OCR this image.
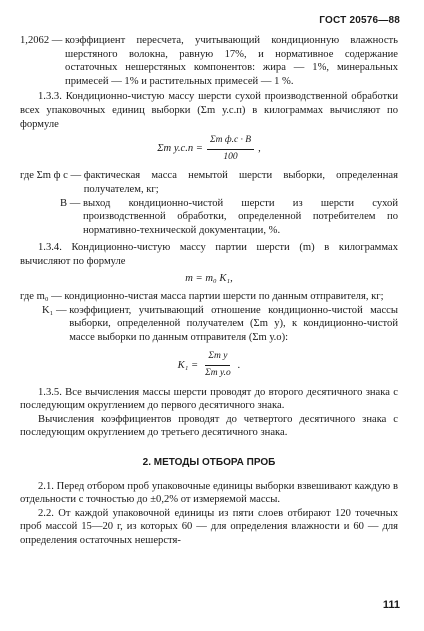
ГОСТ 20576—88
1,2062 —
коэффициент пересчета, учитывающий кондиционную влажность шерстяного волокна, равную 17%, и нормативное содержание остаточных нешерстяных компонентов: жира — 1%, минеральных примесей — 1% и растительных примесей — 1 %.

1.3.3. Кондиционно-чистую массу шерсти сухой производственной обработки всех упаковочных единиц выборки (Σm у.с.п) в килограммах вычисляют по формуле

Σm $у.с.п = \frac{\text{Σm ф.с · B}}{100}$ ,
где
Σm ф с —
фактическая масса немытой шерсти выборки, определенная получателем, кг;
B —
выход кондиционно-чистой шерсти из шерсти сухой производственной обработки, определенной потребителем по нормативно-технической документации, %.

1.3.4. Кондиционно-чистую массу партии шерсти (m) в килограммах вычисляют по формуле

m = m₀ K₁,
где
m₀ —
кондиционно-чистая масса партии шерсти по данным отправителя, кг;
K₁ —
коэффициент, учитывающий отношение кондиционно-чистой массы выборки, определенной получателем (Σm у), к кондиционно-чистой массе выборки по данным отправителя (Σm у.о):
$K_1 = \frac{\text{Σm у}}{\text{Σm у.о}}$ .

1.3.5. Все вычисления массы шерсти проводят до второго десятичного знака с последующим округлением до первого десятичного знака.

Вычисления коэффициентов проводят до четвертого десятичного знака с последующим округлением до третьего десятичного знака.

2. МЕТОДЫ ОТБОРА ПРОБ

2.1. Перед отбором проб упаковочные единицы выборки взвешивают каждую в отдельности с точностью до ±0,2% от измеряемой массы.

2.2. От каждой упаковочной единицы из пяти слоев отбирают 120 точечных проб массой 15—20 г, из которых 60 — для определения влажности и 60 — для определения остаточных нешерстя-

111
